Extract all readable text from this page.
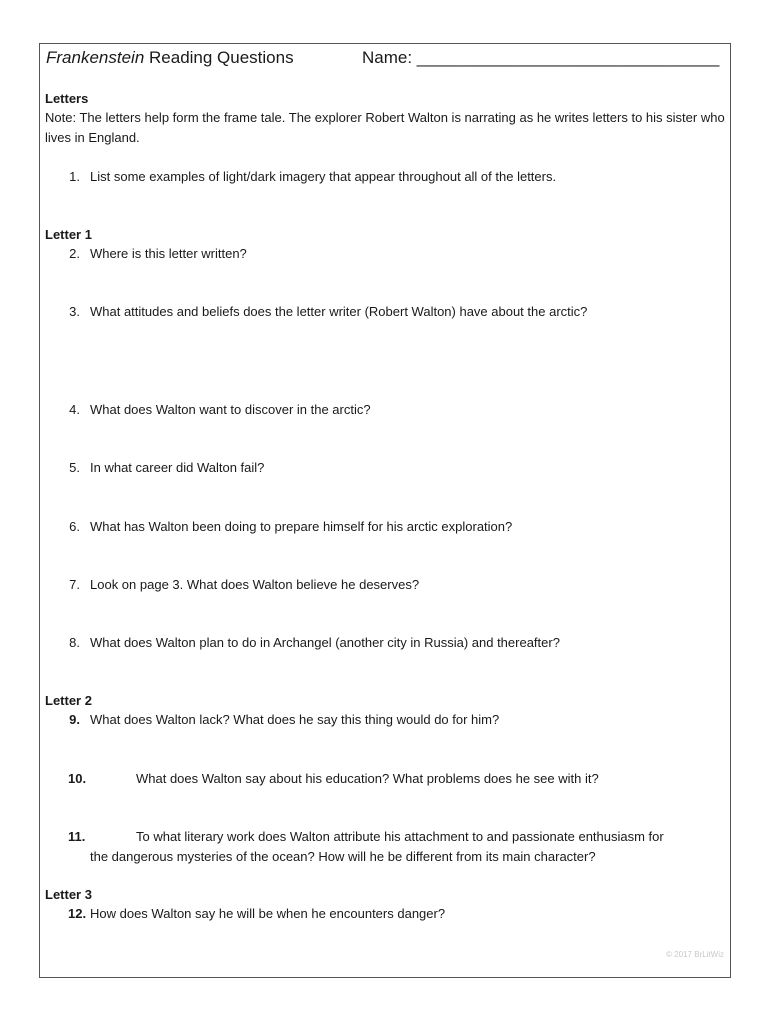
Frankenstein Reading Questions	Name: ________________________________
Letters
Note: The letters help form the frame tale. The explorer Robert Walton is narrating as he writes letters to his sister who lives in England.
1. List some examples of light/dark imagery that appear throughout all of the letters.
Letter 1
2. Where is this letter written?
3. What attitudes and beliefs does the letter writer (Robert Walton) have about the arctic?
4. What does Walton want to discover in the arctic?
5. In what career did Walton fail?
6. What has Walton been doing to prepare himself for his arctic exploration?
7. Look on page 3. What does Walton believe he deserves?
8. What does Walton plan to do in Archangel (another city in Russia) and thereafter?
Letter 2
9. What does Walton lack? What does he say this thing would do for him?
10.	What does Walton say about his education? What problems does he see with it?
11.	To what literary work does Walton attribute his attachment to and passionate enthusiasm for
the dangerous mysteries of the ocean? How will he be different from its main character?
Letter 3
12. How does Walton say he will be when he encounters danger?
© 2017 BrLitWiz
